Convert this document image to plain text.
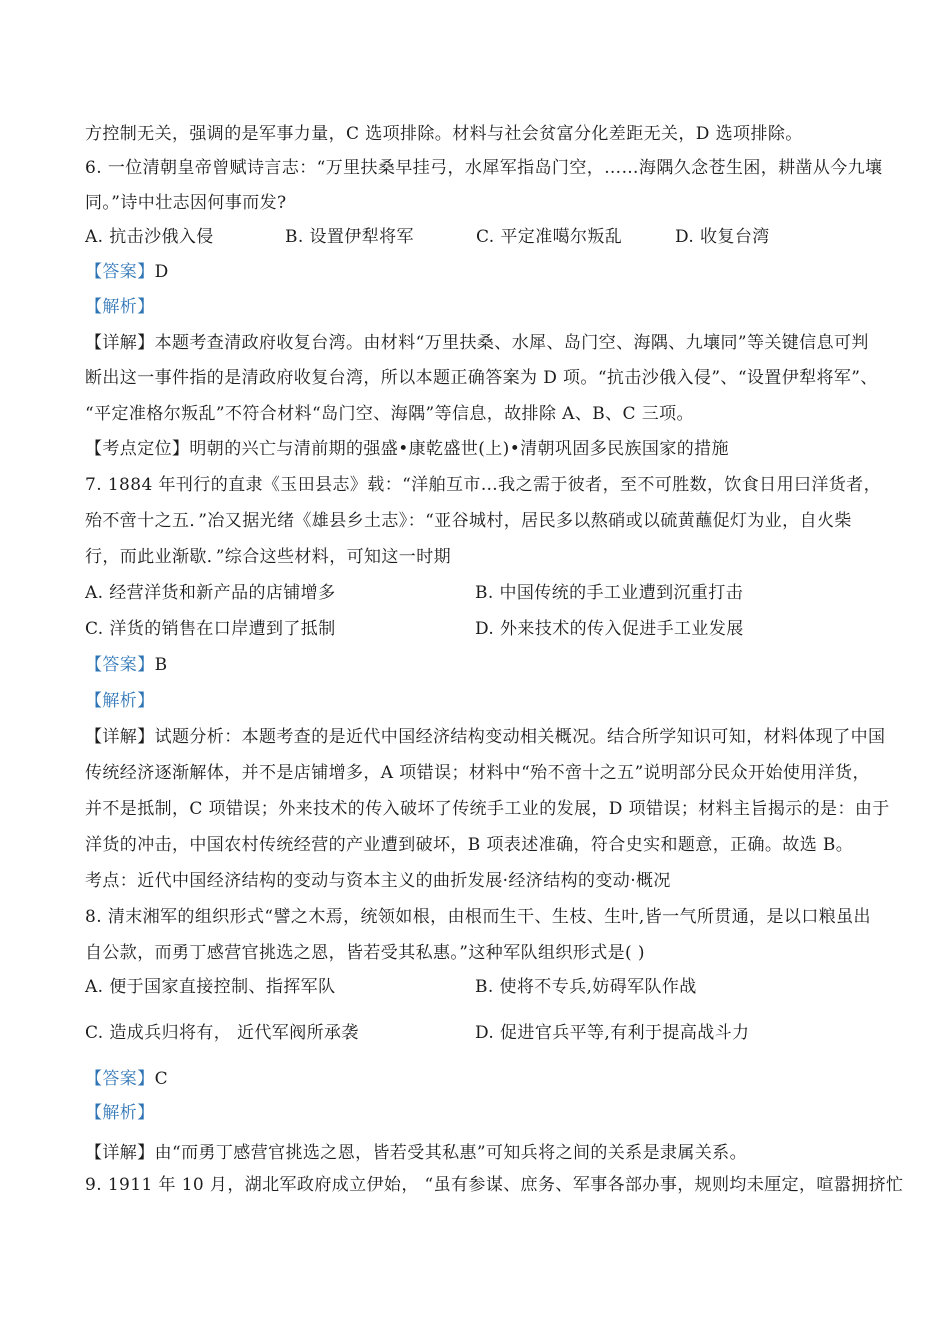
方控制无关，强调的是军事力量，C 选项排除。材料与社会贫富分化差距无关，D 选项排除。
6. 一位清朝皇帝曾赋诗言志：“万里扶桑早挂弓，水犀军指岛门空，……海隅久念苍生困，耕凿从今九壤
同。”诗中壮志因何事而发?
A. 抗击沙俄入侵	B. 设置伊犁将军	C. 平定准噶尔叛乱	D. 收复台湾
【答案】D
【解析】
【详解】本题考查清政府收复台湾。由材料“万里扶桑、水犀、岛门空、海隅、九壤同”等关键信息可判
断出这一事件指的是清政府收复台湾，所以本题正确答案为 D 项。“抗击沙俄入侵”、“设置伊犁将军”、
“平定准格尔叛乱”不符合材料“岛门空、海隅”等信息，故排除 A、B、C 三项。
【考点定位】明朝的兴亡与清前期的强盛•康乾盛世(上)•清朝巩固多民族国家的措施
7. 1884 年刊行的直隶《玉田县志》载：“洋舶互市…我之需于彼者，至不可胜数，饮食日用曰洋货者，
殆不啻十之五．”冶又据光绪《雄县乡土志》：“亚谷城村，居民多以熬硝或以硫黄蘸促灯为业，自火柴
行，而此业渐歇．”综合这些材料，可知这一时期
A. 经营洋货和新产品的店铺增多	B. 中国传统的手工业遭到沉重打击
C. 洋货的销售在口岸遭到了抵制	D. 外来技术的传入促进手工业发展
【答案】B
【解析】
【详解】试题分析：本题考查的是近代中国经济结构变动相关概况。结合所学知识可知，材料体现了中国
传统经济逐渐解体，并不是店铺增多，A 项错误；材料中“殆不啻十之五”说明部分民众开始使用洋货，
并不是抵制，C 项错误；外来技术的传入破坏了传统手工业的发展，D 项错误；材料主旨揭示的是：由于
洋货的冲击，中国农村传统经营的产业遭到破坏，B 项表述准确，符合史实和题意，正确。故选 B。
考点：近代中国经济结构的变动与资本主义的曲折发展·经济结构的变动·概况
8. 清末湘军的组织形式“譬之木焉，统领如根，由根而生干、生枝、生叶,皆一气所贯通，是以口粮虽出
自公款，而勇丁感营官挑选之恩，皆若受其私惠。”这种军队组织形式是( )
A. 便于国家直接控制、指挥军队	B. 使将不专兵,妨碍军队作战
C. 造成兵归将有， 近代军阀所承袭	D. 促进官兵平等,有利于提高战斗力
【答案】C
【解析】
【详解】由“而勇丁感营官挑选之恩，皆若受其私惠”可知兵将之间的关系是隶属关系。
9. 1911 年 10 月，湖北军政府成立伊始， “虽有参谋、庶务、军事各部办事，规则均未厘定，喧嚣拥挤忙
